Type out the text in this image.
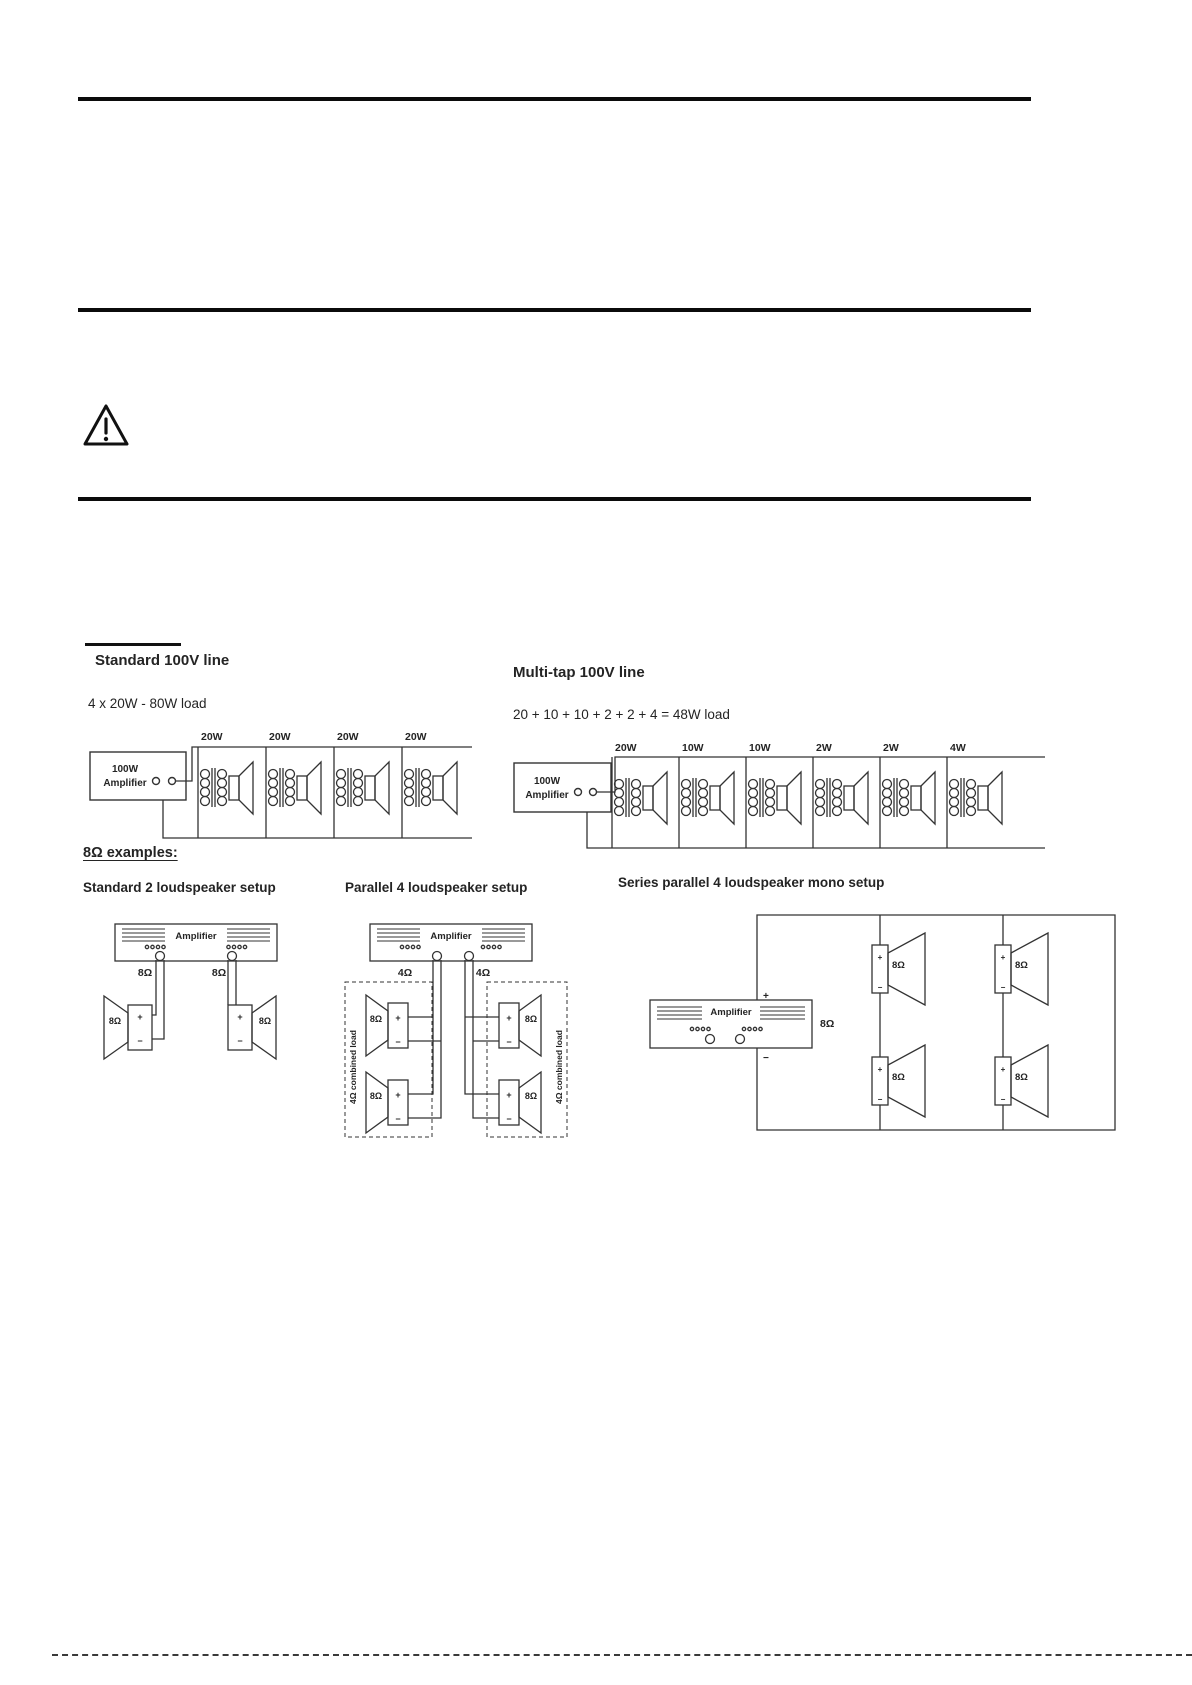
Standard 100V line
4 x 20W - 80W load
Multi-tap 100V line
20 + 10 + 10 + 2 + 2 + 4 = 48W load
100W
Amplifier
20W	20W	20W	20W
100W
Amplifier
20W	10W	10W	2W	2W	4W
8Ω examples:
Standard 2 loudspeaker setup	Parallel 4 loudspeaker setup	Series parallel 4 loudspeaker mono setup
Amplifier
8Ω	8Ω
+
−
+
−
8Ω	8Ω
Amplifier
4Ω	4Ω
+
−
+
−
+
−
+
−
8Ω
8Ω
8Ω
8Ω
4Ω combined load	4Ω combined load
Amplifier
+
−
8Ω
+
−
+
−
+
−
+
−
8Ω	8Ω
8Ω	8Ω
